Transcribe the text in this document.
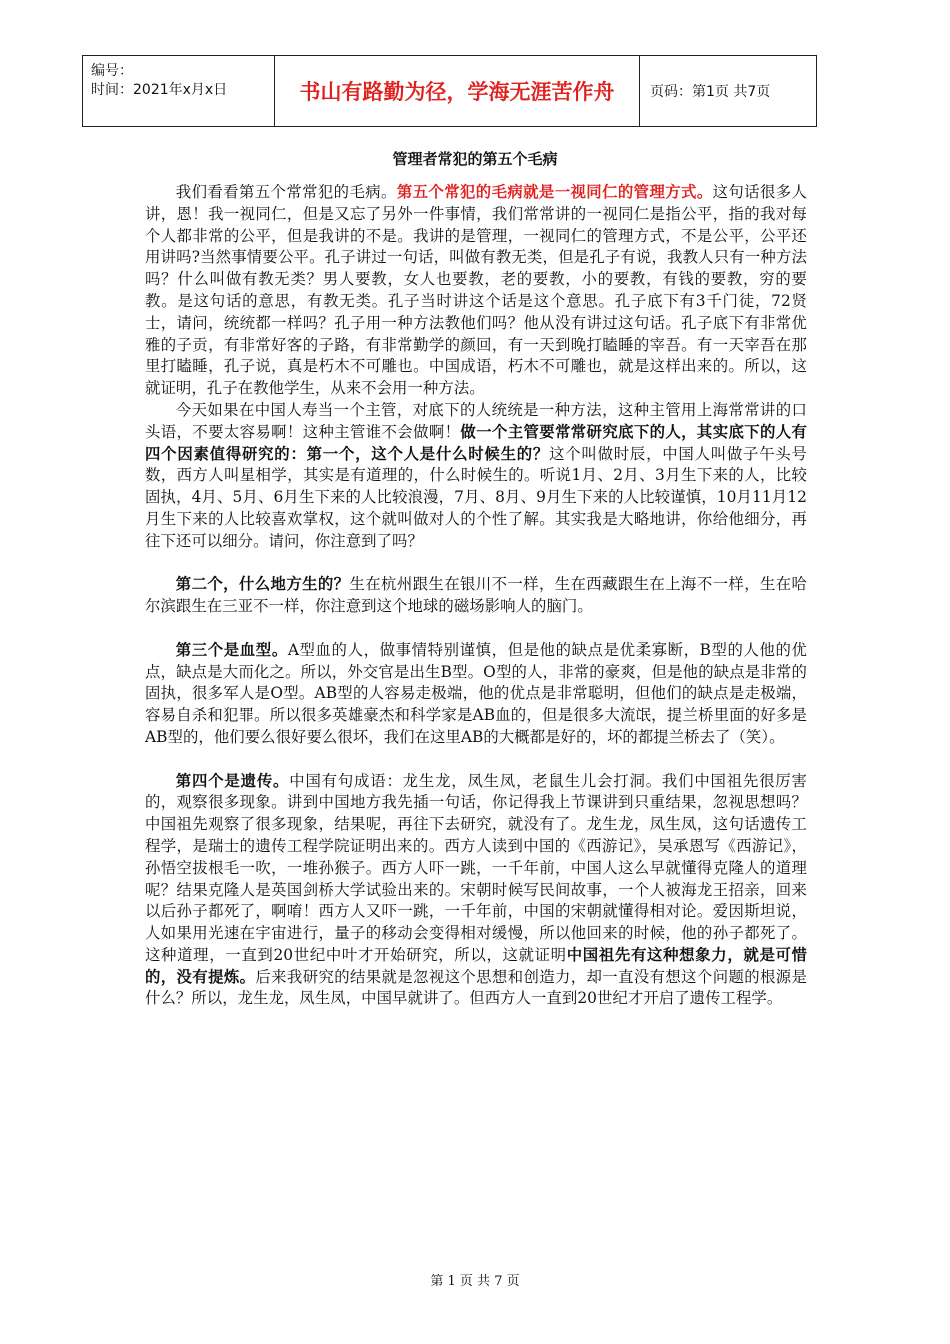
编号：
时间：2021年x月x日	书山有路勤为径，学海无涯苦作舟	页码：第1页 共7页
管理者常犯的第五个毛病

我们看看第五个常常犯的毛病。第五个常犯的毛病就是一视同仁的管理方式。这句话很多人讲，恩！我一视同仁，但是又忘了另外一件事情，我们常常讲的一视同仁是指公平，指的我对每个人都非常的公平，但是我讲的不是。我讲的是管理，一视同仁的管理方式，不是公平，公平还用讲吗?当然事情要公平。孔子讲过一句话，叫做有教无类，但是孔子有说，我教人只有一种方法吗？什么叫做有教无类？男人要教，女人也要教，老的要教，小的要教，有钱的要教，穷的要教。是这句话的意思，有教无类。孔子当时讲这个话是这个意思。孔子底下有3千门徒，72贤士，请问，统统都一样吗？孔子用一种方法教他们吗？他从没有讲过这句话。孔子底下有非常优雅的子贡，有非常好客的子路，有非常勤学的颜回，有一天到晚打瞌睡的宰吾。有一天宰吾在那里打瞌睡，孔子说，真是朽木不可雕也。中国成语，朽木不可雕也，就是这样出来的。所以，这就证明，孔子在教他学生，从来不会用一种方法。

今天如果在中国人寿当一个主管，对底下的人统统是一种方法，这种主管用上海常常讲的口头语，不要太容易啊！这种主管谁不会做啊！做一个主管要常常研究底下的人，其实底下的人有四个因素值得研究的：第一个，这个人是什么时候生的？这个叫做时辰，中国人叫做子午头号数，西方人叫星相学，其实是有道理的，什么时候生的。听说1月、2月、3月生下来的人，比较固执，4月、5月、6月生下来的人比较浪漫，7月、8月、9月生下来的人比较谨慎，10月11月12月生下来的人比较喜欢掌权，这个就叫做对人的个性了解。其实我是大略地讲，你给他细分，再往下还可以细分。请问，你注意到了吗？

第二个，什么地方生的？生在杭州跟生在银川不一样，生在西藏跟生在上海不一样，生在哈尔滨跟生在三亚不一样，你注意到这个地球的磁场影响人的脑门。

第三个是血型。A型血的人，做事情特别谨慎，但是他的缺点是优柔寡断，B型的人他的优点，缺点是大而化之。所以，外交官是出生B型。O型的人，非常的豪爽，但是他的缺点是非常的固执，很多军人是O型。AB型的人容易走极端，他的优点是非常聪明，但他们的缺点是走极端，容易自杀和犯罪。所以很多英雄豪杰和科学家是AB血的，但是很多大流氓，提兰桥里面的好多是AB型的，他们要么很好要么很坏，我们在这里AB的大概都是好的，坏的都提兰桥去了（笑）。

第四个是遗传。中国有句成语：龙生龙，凤生凤，老鼠生儿会打洞。我们中国祖先很厉害的，观察很多现象。讲到中国地方我先插一句话，你记得我上节课讲到只重结果，忽视思想吗？中国祖先观察了很多现象，结果呢，再往下去研究，就没有了。龙生龙，凤生凤，这句话遗传工程学，是瑞士的遗传工程学院证明出来的。西方人读到中国的《西游记》，吴承恩写《西游记》，孙悟空拔根毛一吹，一堆孙猴子。西方人吓一跳，一千年前，中国人这么早就懂得克隆人的道理呢？结果克隆人是英国剑桥大学试验出来的。宋朝时候写民间故事，一个人被海龙王招亲，回来以后孙子都死了，啊唷！西方人又吓一跳，一千年前，中国的宋朝就懂得相对论。爱因斯坦说，人如果用光速在宇宙进行，量子的移动会变得相对缓慢，所以他回来的时候，他的孙子都死了。这种道理，一直到20世纪中叶才开始研究，所以，这就证明中国祖先有这种想象力，就是可惜的，没有提炼。后来我研究的结果就是忽视这个思想和创造力，却一直没有想这个问题的根源是什么？所以，龙生龙，凤生凤，中国早就讲了。但西方人一直到20世纪才开启了遗传工程学。

第 1 页 共 7 页
